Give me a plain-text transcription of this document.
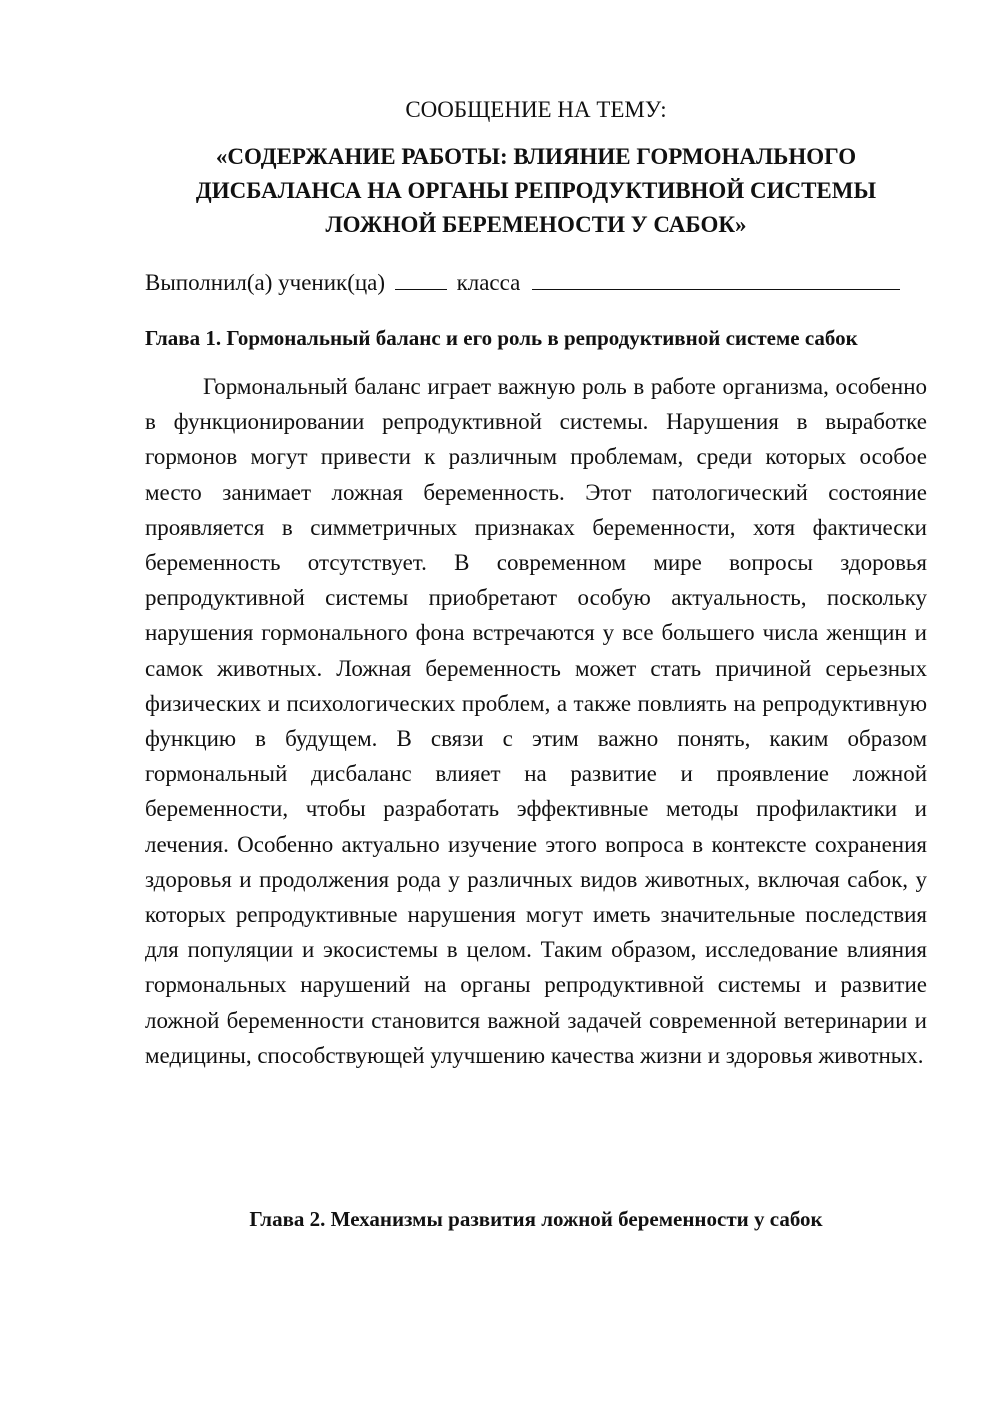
СООБЩЕНИЕ НА ТЕМУ:
«СОДЕРЖАНИЕ РАБОТЫ: ВЛИЯНИЕ ГОРМОНАЛЬНОГО ДИСБАЛАНСА НА ОРГАНЫ РЕПРОДУКТИВНОЙ СИСТЕМЫ ЛОЖНОЙ БЕРЕМЕНОСТИ У САБОК»
Выполнил(а) ученик(ца)	класса
Глава 1. Гормональный баланс и его роль в репродуктивной системе сабок

Гормональный баланс играет важную роль в работе организма, особенно в функционировании репродуктивной системы. Нарушения в выработке гормонов могут привести к различным проблемам, среди которых особое место занимает ложная беременность. Этот патологический состояние проявляется в симметричных признаках беременности, хотя фактически беременность отсутствует. В современном мире вопросы здоровья репродуктивной системы приобретают особую актуальность, поскольку нарушения гормонального фона встречаются у все большего числа женщин и самок животных. Ложная беременность может стать причиной серьезных физических и психологических проблем, а также повлиять на репродуктивную функцию в будущем. В связи с этим важно понять, каким образом гормональный дисбаланс влияет на развитие и проявление ложной беременности, чтобы разработать эффективные методы профилактики и лечения. Особенно актуально изучение этого вопроса в контексте сохранения здоровья и продолжения рода у различных видов животных, включая сабок, у которых репродуктивные нарушения могут иметь значительные последствия для популяции и экосистемы в целом. Таким образом, исследование влияния гормональных нарушений на органы репродуктивной системы и развитие ложной беременности становится важной задачей современной ветеринарии и медицины, способствующей улучшению качества жизни и здоровья животных.

Глава 2. Механизмы развития ложной беременности у сабок
